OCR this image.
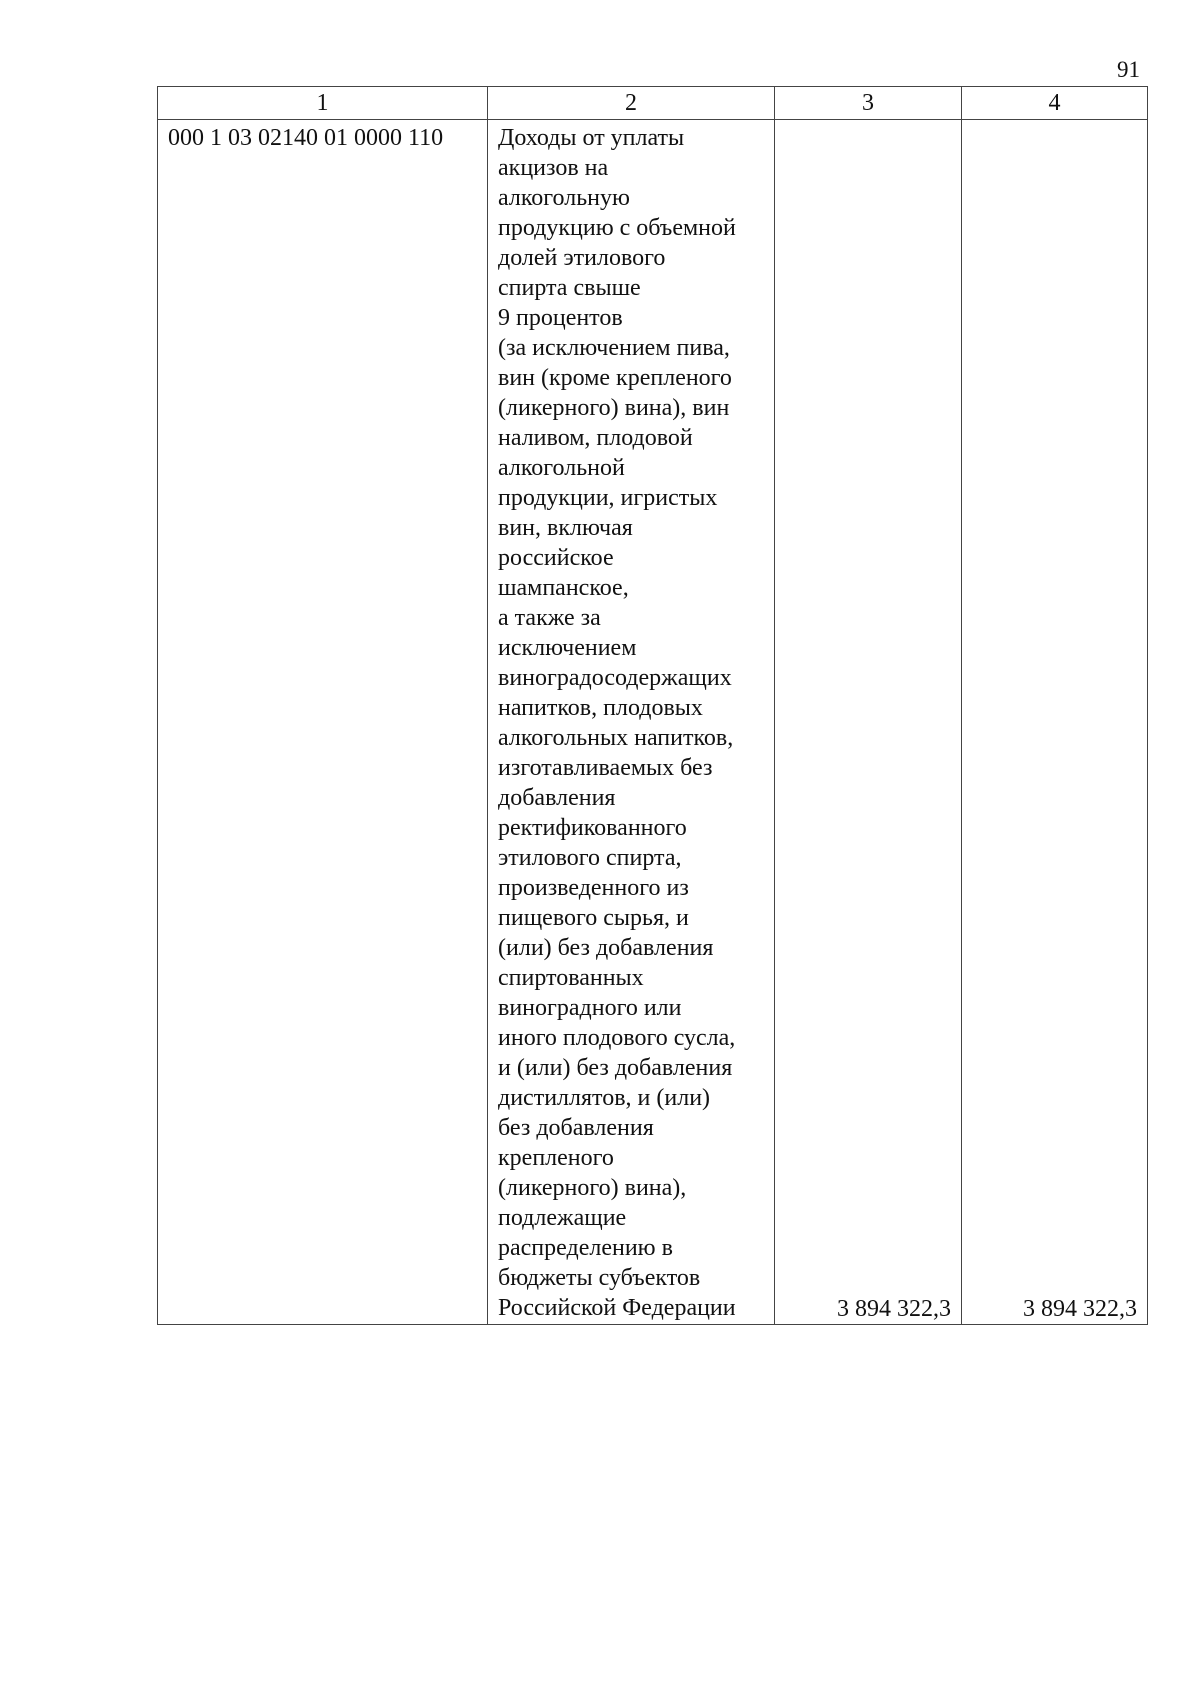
91
1	2	3	4

000 1 03 02140 01 0000 110	Доходы от уплаты
акцизов на
алкогольную
продукцию с объемной
долей этилового
спирта свыше
9 процентов
(за исключением пива,
вин (кроме крепленого
(ликерного) вина), вин
наливом, плодовой
алкогольной
продукции, игристых
вин, включая
российское
шампанское,
а также за
исключением
виноградосодержащих
напитков, плодовых
алкогольных напитков,
изготавливаемых без
добавления
ректификованного
этилового спирта,
произведенного из
пищевого сырья, и
(или) без добавления
спиртованных
виноградного или
иного плодового сусла,
и (или) без добавления
дистиллятов, и (или)
без добавления
крепленого
(ликерного) вина),
подлежащие
распределению в
бюджеты субъектов
Российской Федерации	3 894 322,3	3 894 322,3
